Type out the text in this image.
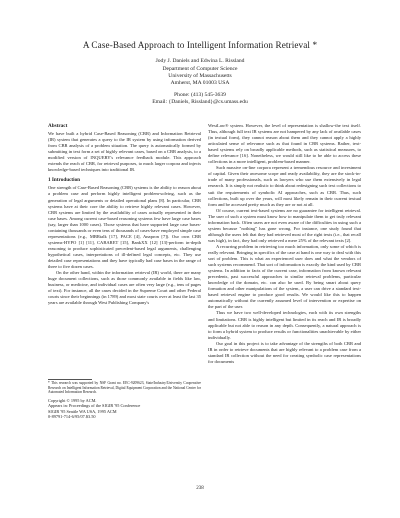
A Case-Based Approach to Intelligent Information Retrieval *
Jody J. Daniels and Edwina L. Rissland
Department of Computer Science
University of Massachusetts
Amherst, MA 01003 USA
Phone: (413) 545-3639
Email: {Daniels, Rissland}@cs.umass.edu
Abstract

We have built a hybrid Case-Based Reasoning (CBR) and Information Retrieval (IR) system that generates a query to the IR system by using information derived from CBR analysis of a problem situation. The query is automatically formed by submitting in text form a set of highly relevant cases, based on a CBR analysis, to a modified version of INQUERY's relevance feedback module. This approach extends the reach of CBR, for retrieval purposes, to much larger corpora and injects knowledge-based techniques into traditional IR.

1 Introduction

One strength of Case-Based Reasoning (CBR) systems is the ability to reason about a problem case and perform highly intelligent problem-solving, such as the generation of legal arguments or detailed operational plans [8]. In particular, CBR systems have at their core the ability to retrieve highly relevant cases. However, CBR systems are limited by the availability of cases actually represented in their case bases. Among current case-based reasoning systems few have large case bases (say, larger than 1000 cases). Those systems that have supported large case bases-containing thousands or even tens of thousands of cases-have employed simple case representations (e.g., MBRtalk [17], PACE [4], Anapron [7]). Our own CBR systems-HYPO [1] [11], CABARET [15], BankXX [12] [13]-perform in-depth reasoning to produce sophisticated precedent-based legal arguments, challenging hypothetical cases, interpretations of ill-defined legal concepts, etc. They use detailed case representations and they have typically had case bases in the range of three to five dozen cases.

On the other hand, within the information retrieval (IR) world, there are many huge document collections, such as those commonly available in fields like law, business, or medicine, and individual cases are often very large (e.g., tens of pages of text). For instance, all the cases decided in the Supreme Court and other Federal courts since their beginnings (in 1789) and most state courts over at least the last 35 years are available through West Publishing Company's

* This research was supported by NSF Grant no. EEC-9209623, State/Industry/University Cooperative Research on Intelligent Information Retrieval, Digital Equipment Corporation and the National Center for Automated Information Research.
Copyright © 1995 by ACM.
Appears in: Proceedings of the SIGIR '95 Conference
SIGIR '95 Seattle WA USA, 1995 ACM
0-89791-714-6/95/07.$3.50

WestLaw® system. However, the level of representation is shallow-the text itself. Thus, although full text IR systems are not hampered by any lack of available cases (in textual form), they cannot reason about them and they cannot apply a highly articulated sense of relevance such as that found in CBR systems. Rather, text-based systems rely on broadly applicable methods, such as statistical measures, to define relevance [16]. Nonetheless, we would still like to be able to access these collections in a more intelligent, problem-based manner.

Such massive on-line corpora represent a tremendous resource and investment of capital. Given their awesome scope and ready availability, they are the stock-in-trade of many professionals, such as lawyers who use them extensively in legal research. It is simply not realistic to think about redesigning such text collections to suit the requirements of symbolic AI approaches, such as CBR. Thus, such collections, built up over the years, will most likely remain in their current textual form and be accessed pretty much as they are or not at all.

Of course, current text-based systems are no guarantee for intelligent retrieval. The user of such a system must know how to manipulate them to get truly relevant information back. Often users are not even aware of the difficulties in using such a system because "nothing" has gone wrong. For instance, one study found that although the users felt that they had retrieved most of the right texts (i.e., that recall was high), in fact, they had only retrieved a mere 25% of the relevant texts [2].

A recurring problem in retrieving too much information, only some of which is really relevant. Bringing in specifics of the case at hand is one way to deal with this sort of problem. This is what an experienced user does and what the vendors of such systems recommend. That sort of information is exactly the kind used by CBR systems. In addition to facts of the current case, information from known relevant precedents, past successful approaches to similar retrieval problems, particular knowledge of the domain, etc. can also be used. By being smart about query formation and other manipulations of the system, a user can drive a standard text-based retrieval engine to produce good results. We would like this to happen automatically without the currently assumed level of intervention or expertise on the part of the user.

Thus we have two well-developed technologies, each with its own strengths and limitations. CBR is highly intelligent but limited in its reach and IR is broadly applicable but not able to reason in any depth. Consequently, a natural approach is to form a hybrid system to produce results or functionalities unachievable by either individually.

Our goal in this project is to take advantage of the strengths of both CBR and IR in order to retrieve documents that are highly relevant to a problem case from a standard IR collection without the need for creating symbolic case representations for documents

238
